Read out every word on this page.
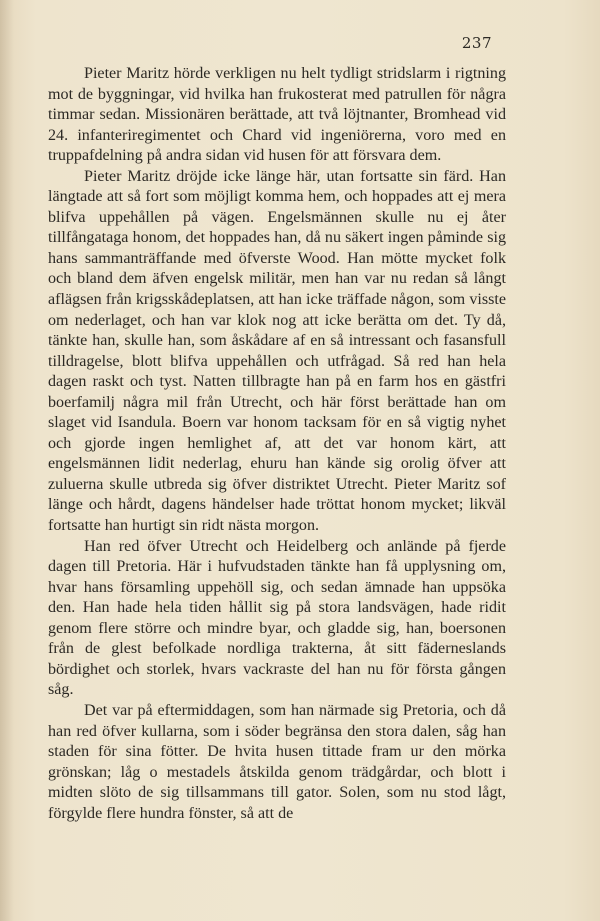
237

Pieter Maritz hörde verkligen nu helt tydligt stridslarm i rigtning mot de byggningar, vid hvilka han frukosterat med patrullen för några timmar sedan. Missionären berättade, att två löjtnanter, Bromhead vid 24. infanteriregimentet och Chard vid ingeniörerna, voro med en truppafdelning på andra sidan vid husen för att försvara dem.

Pieter Maritz dröjde icke länge här, utan fortsatte sin färd. Han längtade att så fort som möjligt komma hem, och hoppades att ej mera blifva uppehållen på vägen. Engelsmännen skulle nu ej åter tillfångataga honom, det hoppades han, då nu säkert ingen påminde sig hans sammanträffande med öfverste Wood. Han mötte mycket folk och bland dem äfven engelsk militär, men han var nu redan så långt aflägsen från krigsskådeplatsen, att han icke träffade någon, som visste om nederlaget, och han var klok nog att icke berätta om det. Ty då, tänkte han, skulle han, som åskådare af en så intressant och fasansfull tilldragelse, blott blifva uppehållen och utfrågad. Så red han hela dagen raskt och tyst. Natten tillbragte han på en farm hos en gästfri boerfamilj några mil från Utrecht, och här först berättade han om slaget vid Isandula. Boern var honom tacksam för en så vigtig nyhet och gjorde ingen hemlighet af, att det var honom kärt, att engelsmännen lidit nederlag, ehuru han kände sig orolig öfver att zuluerna skulle utbreda sig öfver distriktet Utrecht. Pieter Maritz sof länge och hårdt, dagens händelser hade tröttat honom mycket; likväl fortsatte han hurtigt sin ridt nästa morgon.

Han red öfver Utrecht och Heidelberg och anlände på fjerde dagen till Pretoria. Här i hufvudstaden tänkte han få upplysning om, hvar hans församling uppehöll sig, och sedan ämnade han uppsöka den. Han hade hela tiden hållit sig på stora landsvägen, hade ridit genom flere större och mindre byar, och gladde sig, han, boersonen från de glest befolkade nordliga trakterna, åt sitt fäderneslands bördighet och storlek, hvars vackraste del han nu för första gången såg.

Det var på eftermiddagen, som han närmade sig Pretoria, och då han red öfver kullarna, som i söder begränsa den stora dalen, såg han staden för sina fötter. De hvita husen tittade fram ur den mörka grönskan; låg o mestadels åtskilda genom trädgårdar, och blott i midten slöto de sig tillsammans till gator. Solen, som nu stod lågt, förgylde flere hundra fönster, så att de
